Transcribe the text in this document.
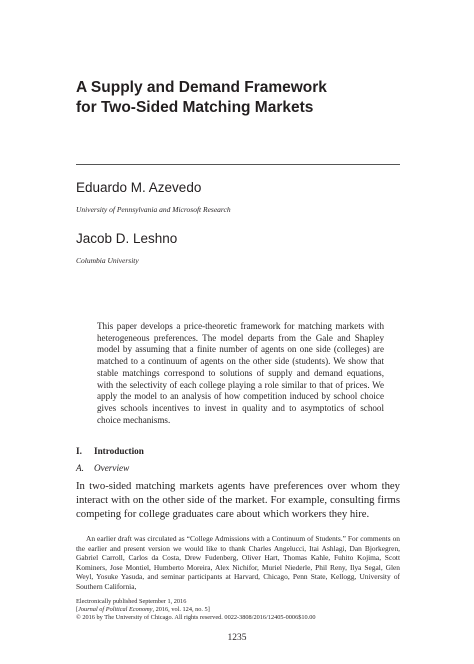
A Supply and Demand Framework
for Two-Sided Matching Markets
Eduardo M. Azevedo
University of Pennsylvania and Microsoft Research
Jacob D. Leshno
Columbia University
This paper develops a price-theoretic framework for matching markets with heterogeneous preferences. The model departs from the Gale and Shapley model by assuming that a finite number of agents on one side (colleges) are matched to a continuum of agents on the other side (students). We show that stable matchings correspond to solutions of supply and demand equations, with the selectivity of each college playing a role similar to that of prices. We apply the model to an analysis of how competition induced by school choice gives schools incentives to invest in quality and to asymptotics of school choice mechanisms.
I. Introduction
A. Overview
In two-sided matching markets agents have preferences over whom they interact with on the other side of the market. For example, consulting firms competing for college graduates care about which workers they hire.
An earlier draft was circulated as “College Admissions with a Continuum of Students.” For comments on the earlier and present version we would like to thank Charles Angelucci, Itai Ashlagi, Dan Bjorkegren, Gabriel Carroll, Carlos da Costa, Drew Fudenberg, Oliver Hart, Thomas Kahle, Fuhito Kojima, Scott Kominers, Jose Montiel, Humberto Moreira, Alex Nichifor, Muriel Niederle, Phil Reny, Ilya Segal, Glen Weyl, Yosuke Yasuda, and seminar participants at Harvard, Chicago, Penn State, Kellogg, University of Southern California,
Electronically published September 1, 2016
[Journal of Political Economy, 2016, vol. 124, no. 5]
© 2016 by The University of Chicago. All rights reserved. 0022-3808/2016/12405-0006$10.00
1235
